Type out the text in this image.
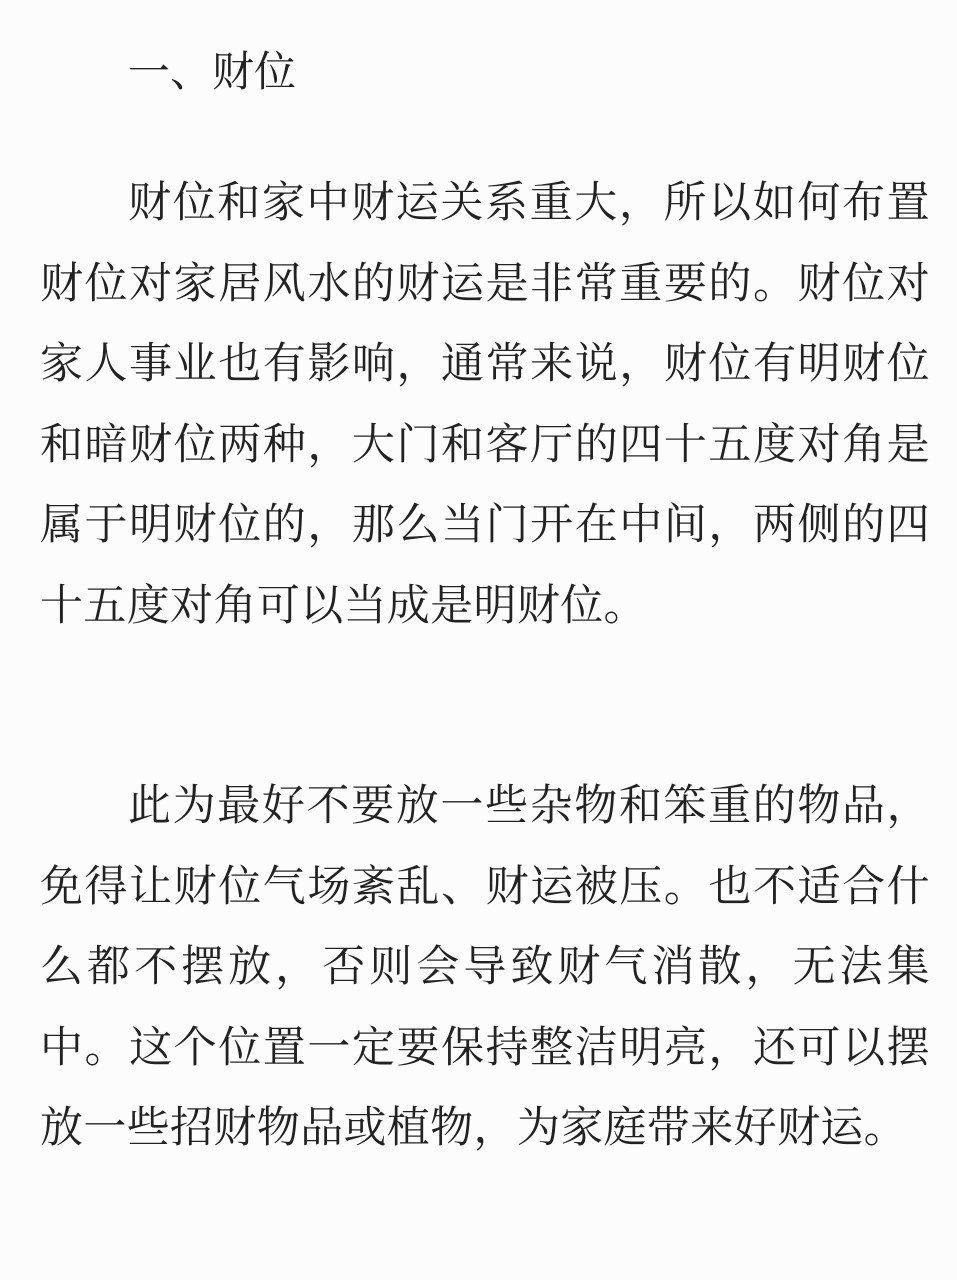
一、财位

财位和家中财运关系重大，所以如何布置财位对家居风水的财运是非常重要的。财位对家人事业也有影响，通常来说，财位有明财位和暗财位两种，大门和客厅的四十五度对角是属于明财位的，那么当门开在中间，两侧的四十五度对角可以当成是明财位。

此为最好不要放一些杂物和笨重的物品，免得让财位气场紊乱、财运被压。也不适合什么都不摆放，否则会导致财气消散，无法集中。这个位置一定要保持整洁明亮，还可以摆放一些招财物品或植物，为家庭带来好财运。
